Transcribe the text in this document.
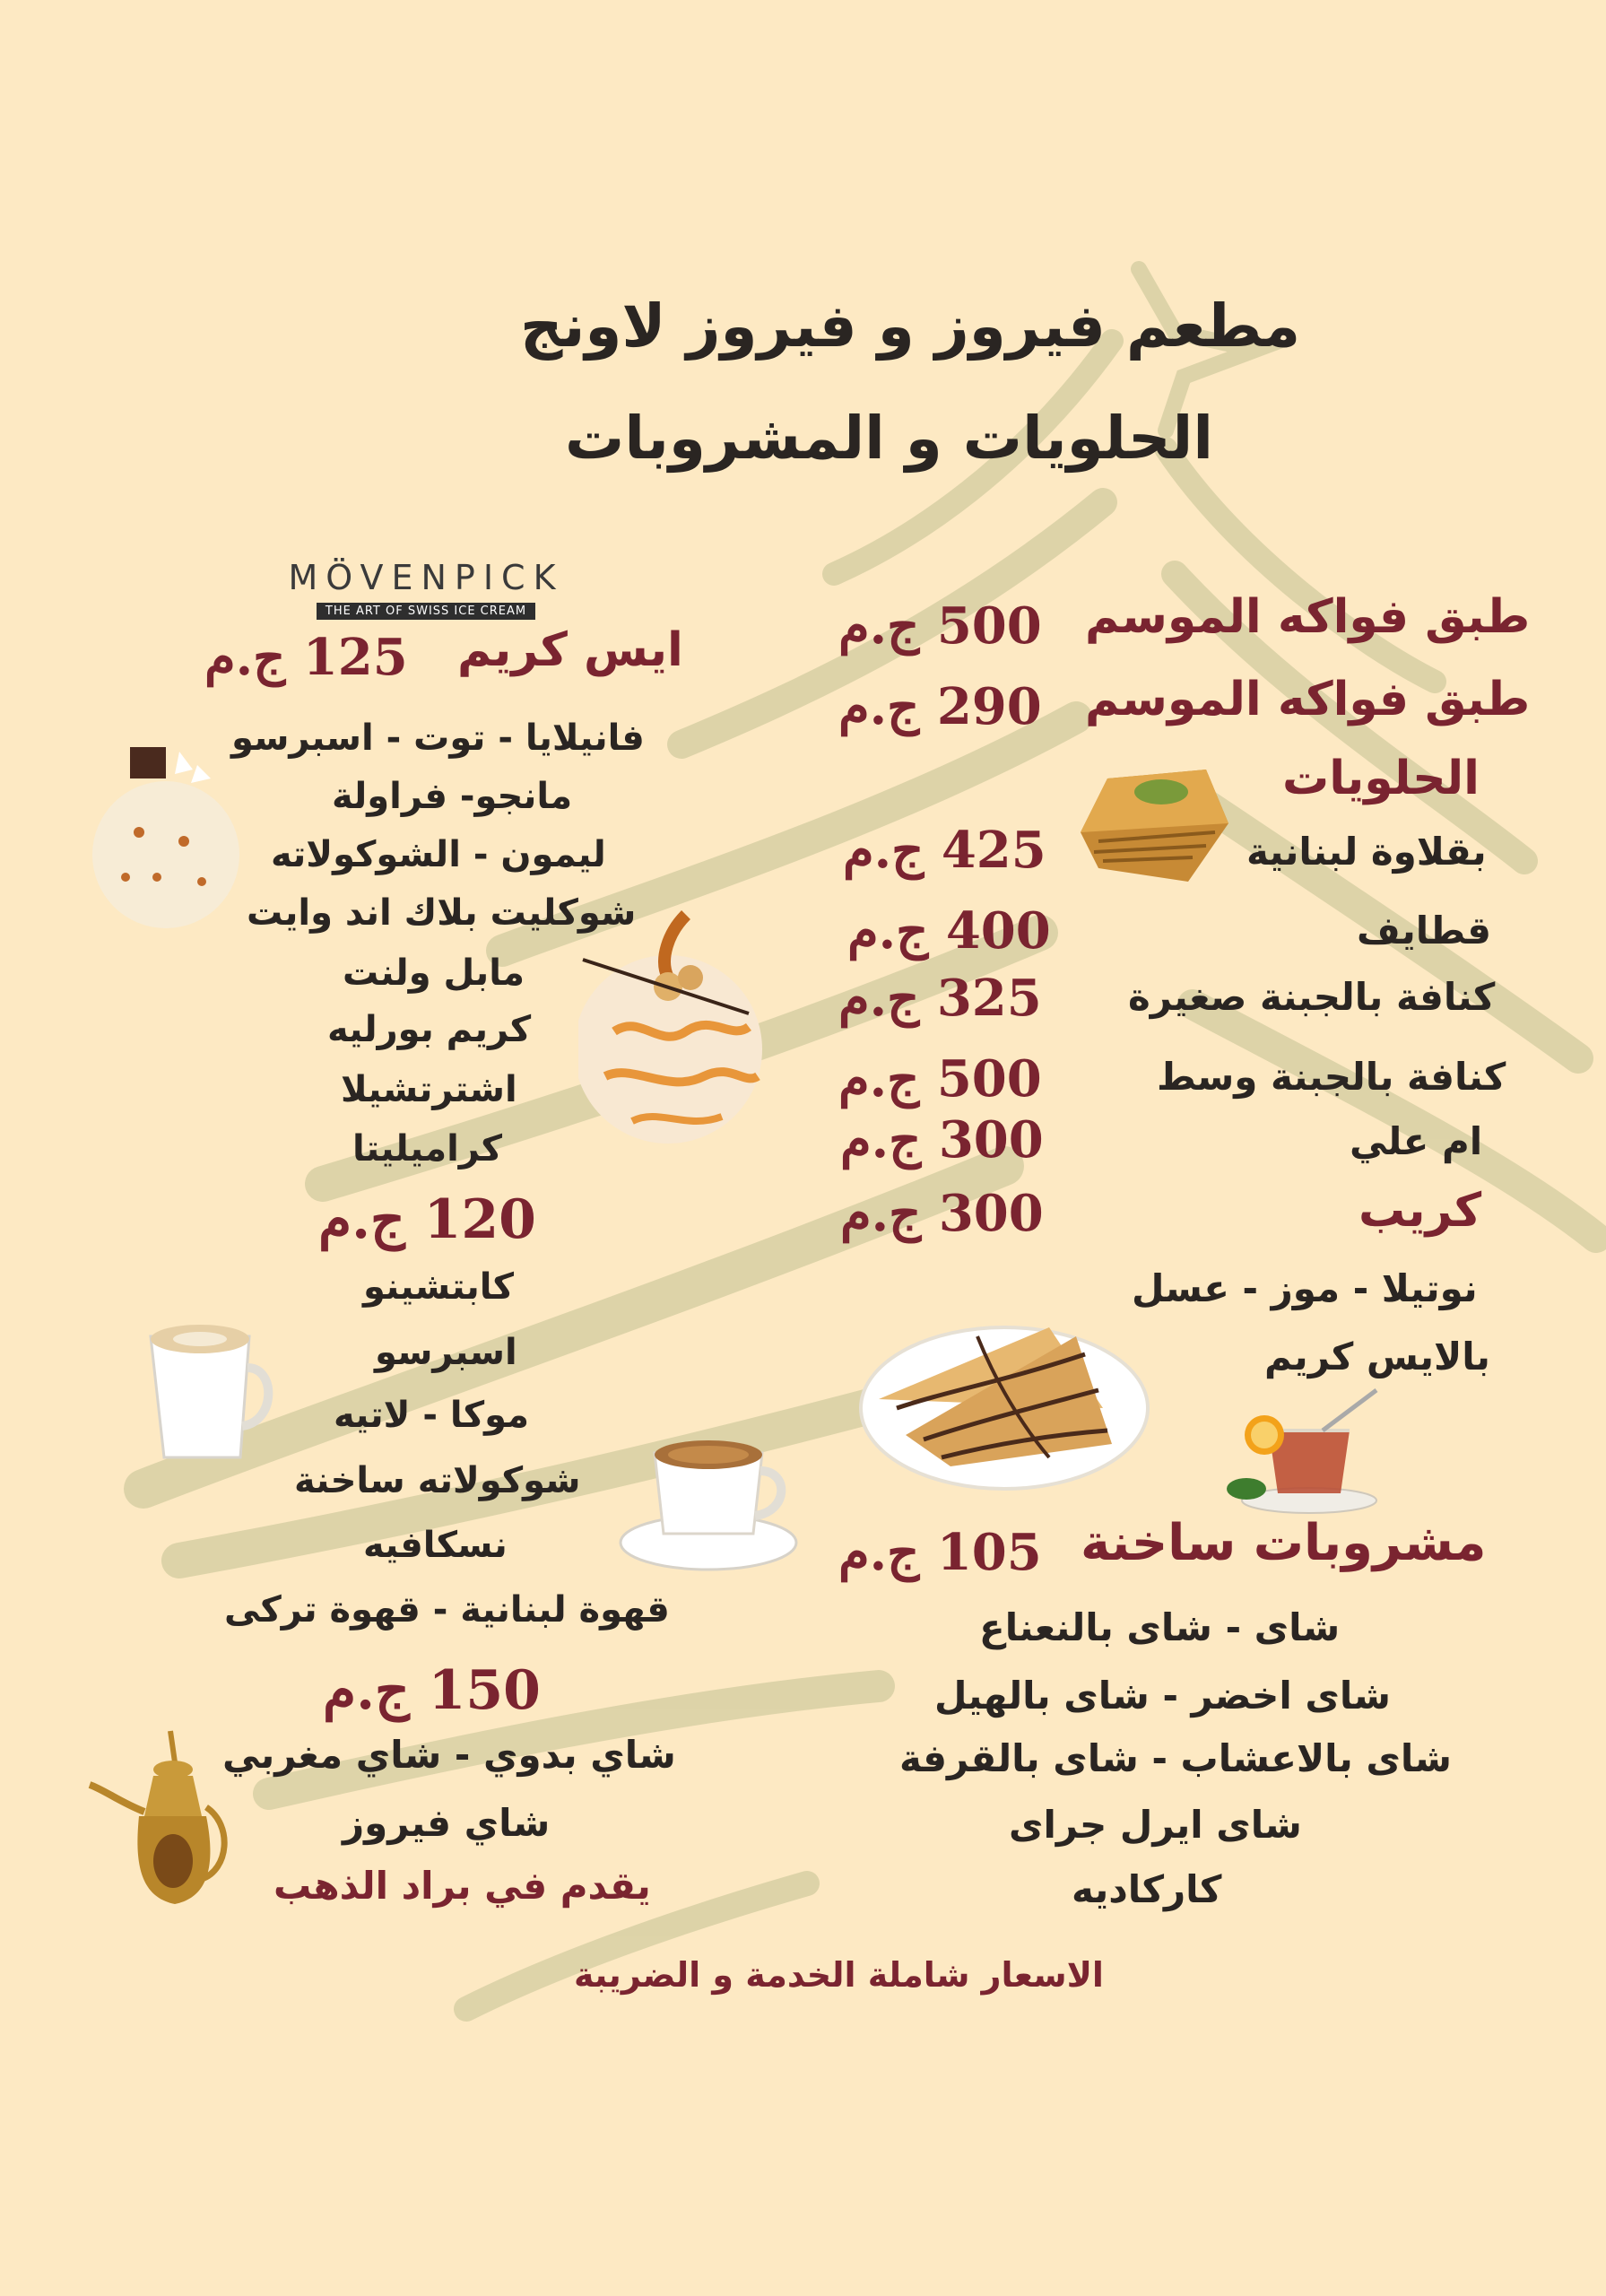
مطعم فيروز و فيروز لاونج
الحلويات و المشروبات
MÖVENPICK
THE ART OF SWISS ICE CREAM	طبق فواكه الموسم
500 ج.م
طبق فواكه الموسم
290 ج.م
الحلويات
بقلاوة لبنانية
425 ج.م
قطايف
400 ج.م
كنافة بالجبنة صغيرة
325 ج.م
كنافة بالجبنة وسط
500 ج.م
ام علي
300 ج.م
كريب
300 ج.م
نوتيلا - موز - عسل
بالايس كريم
مشروبات ساخنة
105 ج.م
شاى - شاى بالنعناع
شاى اخضر - شاى بالهيل
شاى بالاعشاب - شاى بالقرفة
شاى ايرل جراى
كاركاديه
ايس كريم
125 ج.م
فانيلايا - توت - اسبرسو
مانجو- فراولة
ليمون - الشوكولاته
شوكليت بلاك اند وايت
مابل ولنت
كريم بورليه
اشترتشيلا
كراميليتا
120 ج.م
كابتشينو
اسبرسو
موكا - لاتيه
شوكولاته ساخنة
نسكافيه
قهوة لبنانية - قهوة تركى
150 ج.م
شاي بدوي - شاي مغربي
شاي فيروز
يقدم في براد الذهب
الاسعار شاملة الخدمة و الضريبة
